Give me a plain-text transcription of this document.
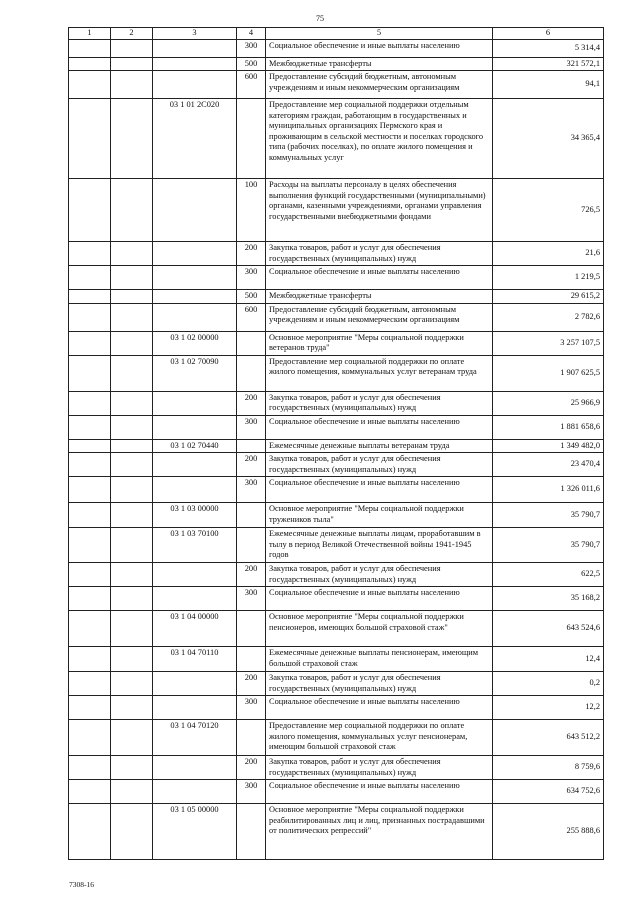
75
1	2	3	4	5	6
			300	Социальное обеспечение и иные выплаты населению	5 314,4
			500	Межбюджетные трансферты	321 572,1
			600	Предоставление субсидий бюджетным, автономным учреждениям и иным некоммерческим организациям	94,1
		03 1 01 2С020		Предоставление мер социальной поддержки отдельным категориям граждан, работающим в государственных и муниципальных организациях Пермского края и проживающим в сельской местности и поселках городского типа (рабочих поселках), по оплате жилого помещения и коммунальных услуг	34 365,4
			100	Расходы на выплаты персоналу в целях обеспечения выполнения функций государственными (муниципальными) органами, казенными учреждениями, органами управления государственными внебюджетными фондами	726,5
			200	Закупка товаров, работ и услуг для обеспечения государственных (муниципальных) нужд	21,6
			300	Социальное обеспечение и иные выплаты населению	1 219,5
			500	Межбюджетные трансферты	29 615,2
			600	Предоставление субсидий бюджетным, автономным учреждениям и иным некоммерческим организациям	2 782,6
		03 1 02 00000		Основное мероприятие "Меры социальной поддержки ветеранов труда"	3 257 107,5
		03 1 02 70090		Предоставление мер социальной поддержки по оплате жилого помещения, коммунальных услуг ветеранам труда	1 907 625,5
			200	Закупка товаров, работ и услуг для обеспечения государственных (муниципальных) нужд	25 966,9
			300	Социальное обеспечение и иные выплаты населению	1 881 658,6
		03 1 02 70440		Ежемесячные денежные выплаты ветеранам труда	1 349 482,0
			200	Закупка товаров, работ и услуг для обеспечения государственных (муниципальных) нужд	23 470,4
			300	Социальное обеспечение и иные выплаты населению	1 326 011,6
		03 1 03 00000		Основное мероприятие "Меры социальной поддержки тружеников тыла"	35 790,7
		03 1 03 70100		Ежемесячные денежные выплаты лицам, проработавшим в тылу в период Великой Отечественной войны 1941-1945 годов	35 790,7
			200	Закупка товаров, работ и услуг для обеспечения государственных (муниципальных) нужд	622,5
			300	Социальное обеспечение и иные выплаты населению	35 168,2
		03 1 04 00000		Основное мероприятие "Меры социальной поддержки пенсионеров, имеющих большой страховой стаж"	643 524,6
		03 1 04 70110		Ежемесячные денежные выплаты пенсионерам, имеющим большой страховой стаж	12,4
			200	Закупка товаров, работ и услуг для обеспечения государственных (муниципальных) нужд	0,2
			300	Социальное обеспечение и иные выплаты населению	12,2
		03 1 04 70120		Предоставление мер социальной поддержки по оплате жилого помещения, коммунальных услуг пенсионерам, имеющим большой страховой стаж	643 512,2
			200	Закупка товаров, работ и услуг для обеспечения государственных (муниципальных) нужд	8 759,6
			300	Социальное обеспечение и иные выплаты населению	634 752,6
		03 1 05 00000		Основное мероприятие "Меры социальной поддержки реабилитированных лиц и лиц, признанных пострадавшими от политических репрессий"	255 888,6
7308-16
